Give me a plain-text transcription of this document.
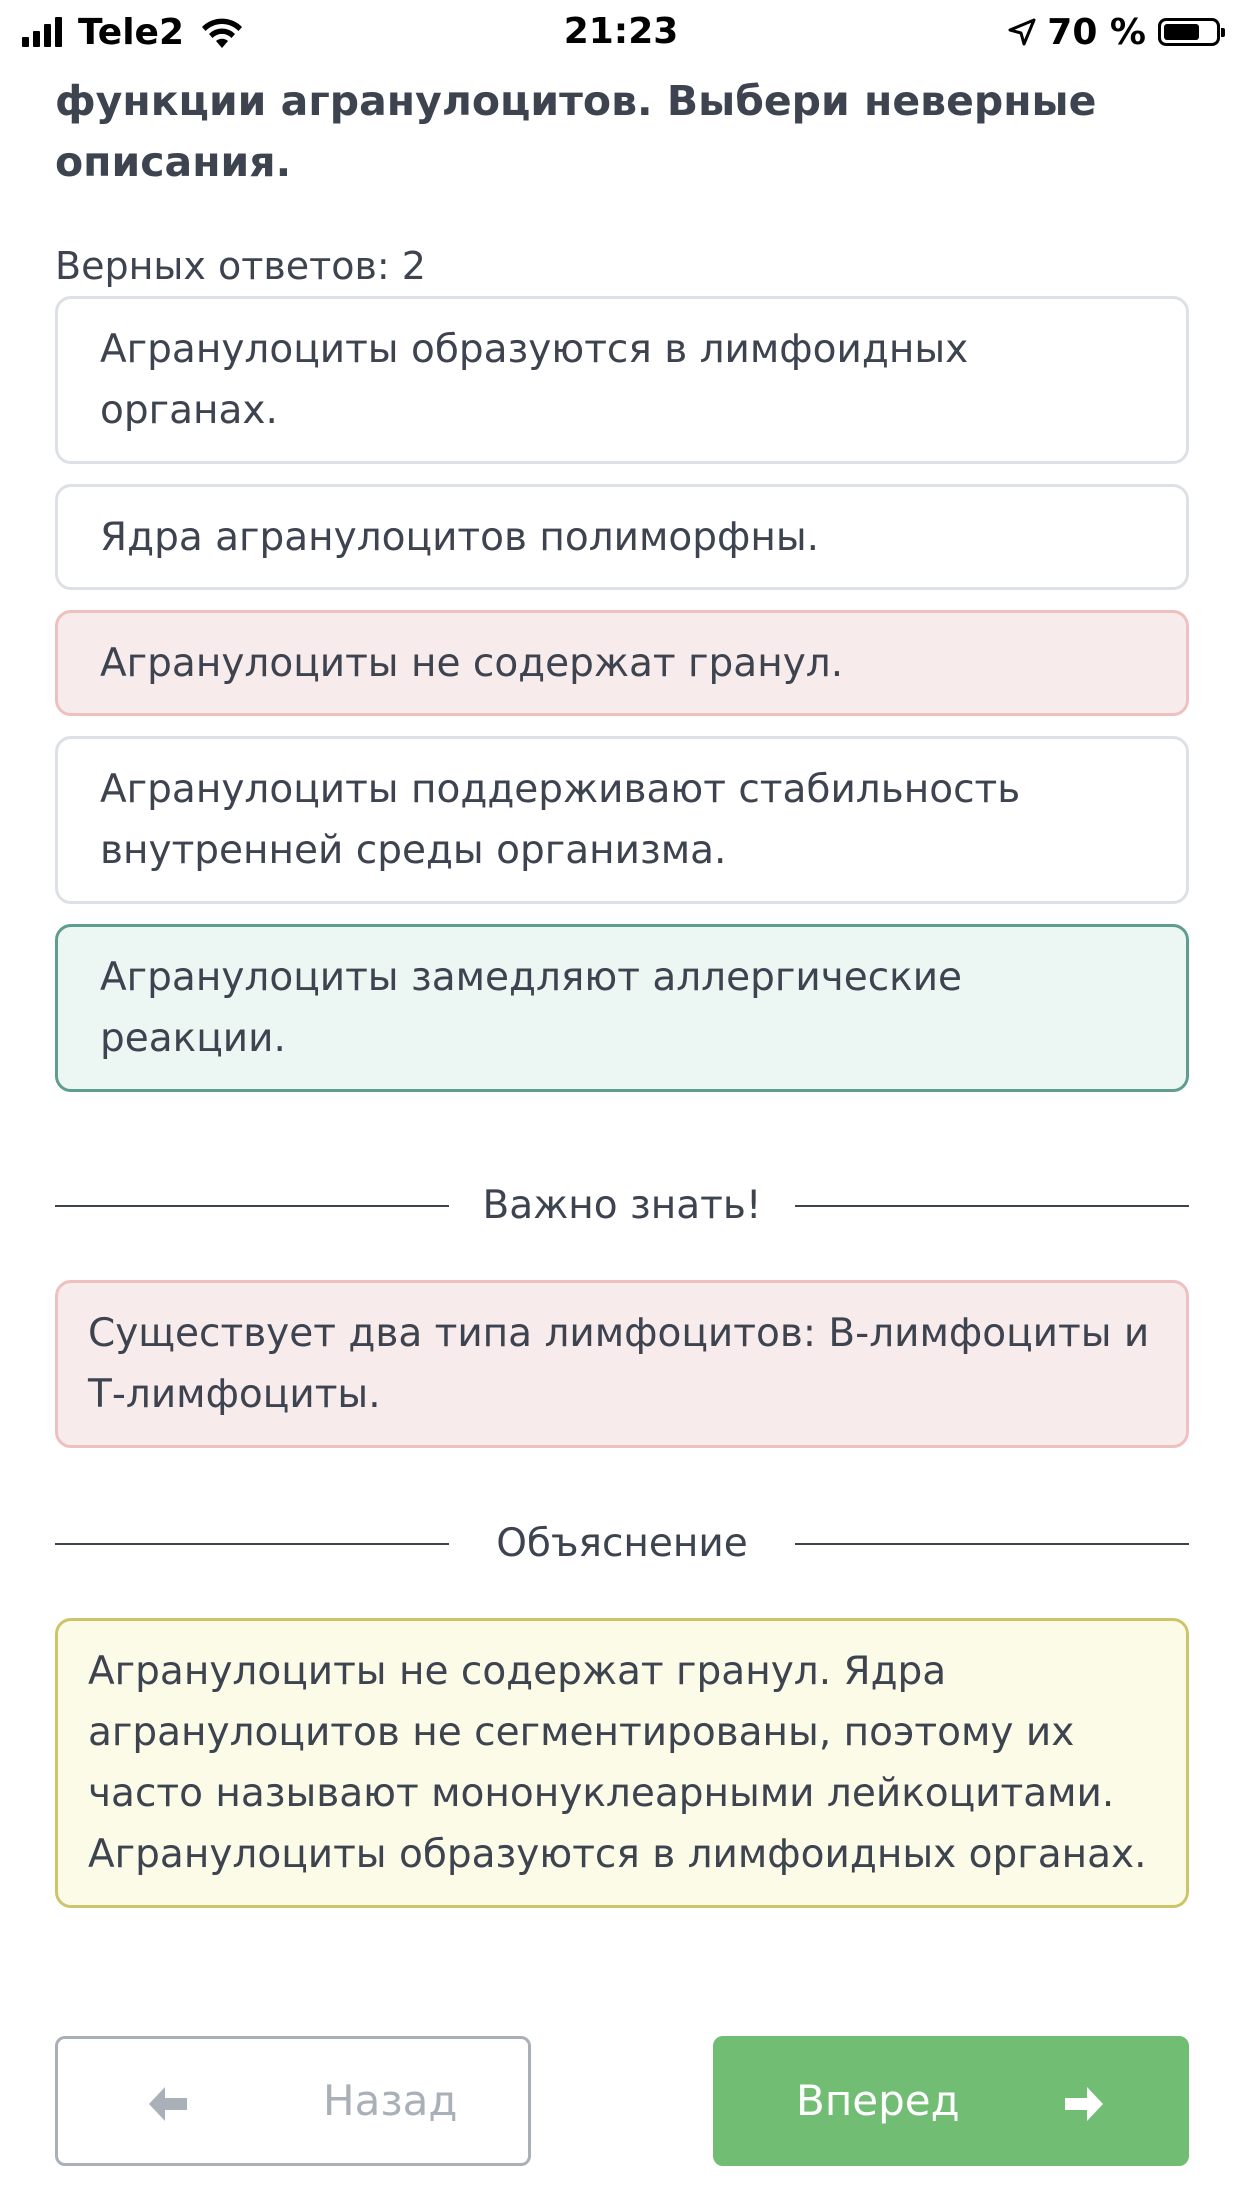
функции агранулоцитов. Выбери неверные
описания.
Tele2	21:23	70 %
Верных ответов: 2
Агранулоциты образуются в лимфоидных органах.
Ядра агранулоцитов полиморфны.
Агранулоциты не содержат гранул.
Агранулоциты поддерживают стабильность внутренней среды организма.
Агранулоциты замедляют аллергические реакции.
Важно знать!
Существует два типа лимфоцитов: В-лимфоциты и Т-лимфоциты.
Объяснение
Агранулоциты не содержат гранул. Ядра агранулоцитов не сегментированы, поэтому их часто называют мононуклеарными лейкоцитами. Агранулоциты образуются в лимфоидных органах.
Назад	Вперед
